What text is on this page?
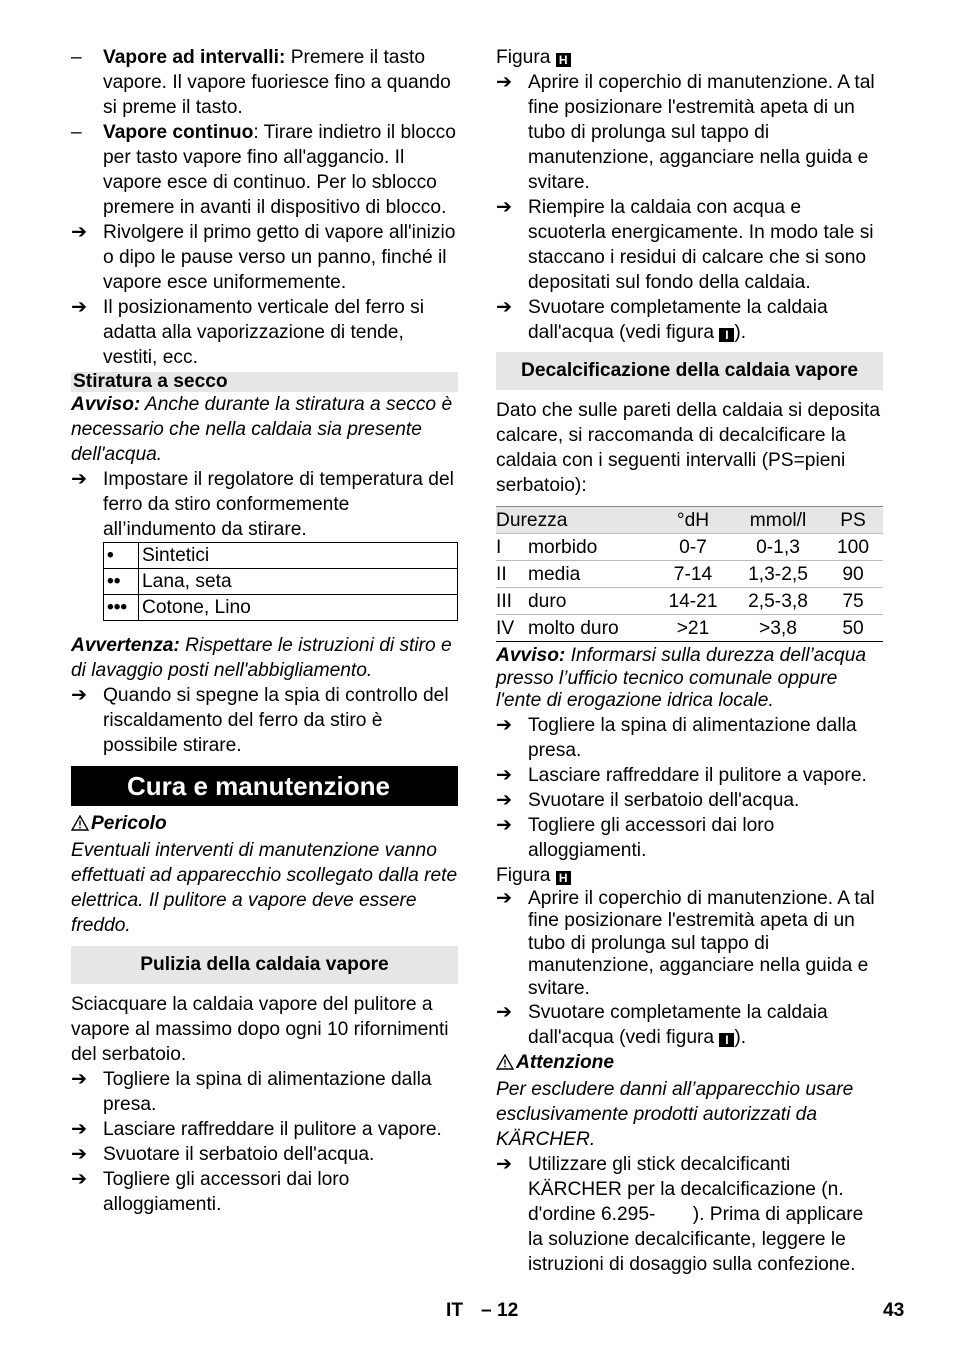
– Vapore ad intervalli: Premere il tasto vapore. Il vapore fuoriesce fino a quando si preme il tasto.

– Vapore continuo: Tirare indietro il blocco per tasto vapore fino all'aggancio. Il vapore esce di continuo. Per lo sblocco premere in avanti il dispositivo di blocco.

➔ Rivolgere il primo getto di vapore all'inizio o dipo le pause verso un panno, finché il vapore esce uniformemente.

➔ Il posizionamento verticale del ferro si adatta alla vaporizzazione di tende, vestiti, ecc.

Stiratura a secco

Avviso: Anche durante la stiratura a secco è necessario che nella caldaia sia presente dell'acqua.

➔ Impostare il regolatore di temperatura del ferro da stiro conformemente all’indumento da stirare.

•	Sintetici
••	Lana, seta
•••	Cotone, Lino

Avvertenza: Rispettare le istruzioni di stiro e di lavaggio posti nell'abbigliamento.

➔ Quando si spegne la spia di controllo del riscaldamento del ferro da stiro è possibile stirare.

Cura e manutenzione

Pericolo

Eventuali interventi di manutenzione vanno effettuati ad apparecchio scollegato dalla rete elettrica. Il pulitore a vapore deve essere freddo.

Pulizia della caldaia vapore

Sciacquare la caldaia vapore del pulitore a vapore al massimo dopo ogni 10 rifornimenti del serbatoio.

➔ Togliere la spina di alimentazione dalla presa.

➔ Lasciare raffreddare il pulitore a vapore.

➔ Svuotare il serbatoio dell'acqua.

➔ Togliere gli accessori dai loro alloggiamenti.

Figura H

➔ Aprire il coperchio di manutenzione. A tal fine posizionare l'estremità apeta di un tubo di prolunga sul tappo di manutenzione, agganciare nella guida e svitare.

➔ Riempire la caldaia con acqua e scuoterla energicamente. In modo tale si staccano i residui di calcare che si sono depositati sul fondo della caldaia.

➔ Svuotare completamente la caldaia dall'acqua (vedi figura I ).

Decalcificazione della caldaia vapore

Dato che sulle pareti della caldaia si deposita calcare, si raccomanda di decalcificare la caldaia con i seguenti intervalli (PS=pieni serbatoio):

Durezza		°dH	mmol/l	PS
I	morbido	0-7	0-1,3	100
II	media	7-14	1,3-2,5	90
III	duro	14-21	2,5-3,8	75
IV	molto duro	>21	>3,8	50

Avviso: Informarsi sulla durezza dell’acqua presso l’ufficio tecnico comunale oppure l'ente di erogazione idrica locale.

➔ Togliere la spina di alimentazione dalla presa.

➔ Lasciare raffreddare il pulitore a vapore.

➔ Svuotare il serbatoio dell'acqua.

➔ Togliere gli accessori dai loro alloggiamenti.

Figura H

➔ Aprire il coperchio di manutenzione. A tal fine posizionare l'estremità apeta di un tubo di prolunga sul tappo di manutenzione, agganciare nella guida e svitare.

➔ Svuotare completamente la caldaia dall'acqua (vedi figura I ).

Attenzione

Per escludere danni all’apparecchio usare esclusivamente prodotti autorizzati da KÄRCHER.

➔ Utilizzare gli stick decalcificanti KÄRCHER per la decalcificazione (n. d'ordine 6.295-       ). Prima di applicare la soluzione decalcificante, leggere le istruzioni di dosaggio sulla confezione.

IT – 12	43
